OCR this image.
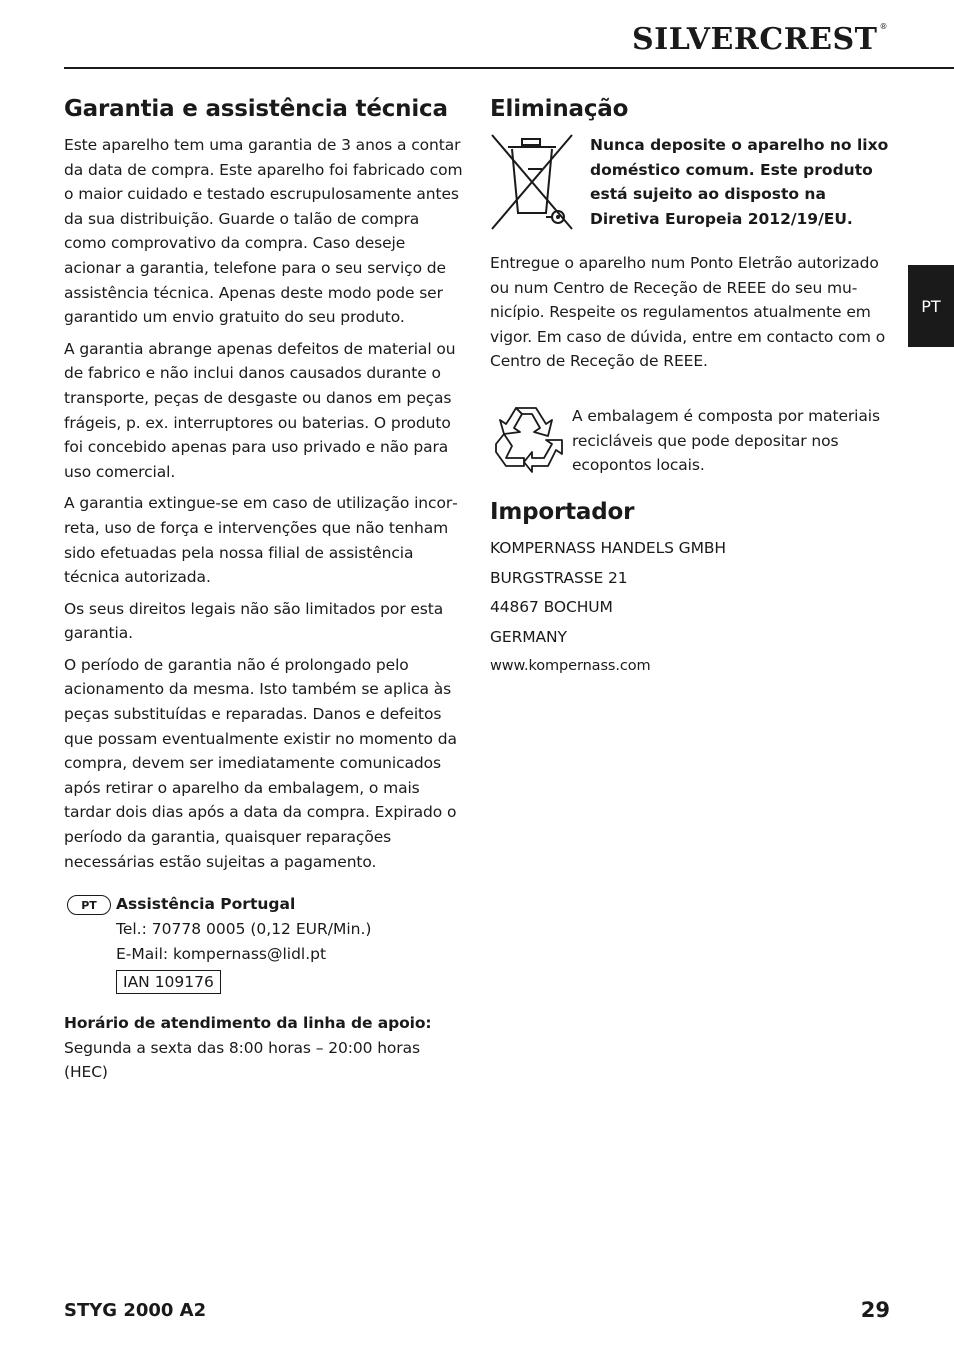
SILVERCREST ®
PT
Garantia e assistência técnica

Este aparelho tem uma garantia de 3 anos a contar da data de compra. Este aparelho foi fabricado com o maior cuidado e testado escrupulosamente antes da sua distribuição. Guarde o talão de compra como comprovativo da compra. Caso deseje acionar a garantia, telefone para o seu serviço de assistência técnica. Apenas deste modo pode ser garantido um envio gratuito do seu produto.

A garantia abrange apenas defeitos de material ou de fabrico e não inclui danos causados durante o transporte, peças de desgaste ou danos em peças frágeis, p. ex. interruptores ou baterias. O produto foi concebido apenas para uso privado e não para uso comercial.

A garantia extingue-se em caso de utilização incorreta, uso de força e intervenções que não tenham sido efetuadas pela nossa filial de assistência técnica autorizada.

Os seus direitos legais não são limitados por esta garantia.

O período de garantia não é prolongado pelo acionamento da mesma. Isto também se aplica às peças substituídas e reparadas. Danos e defeitos que possam eventualmente existir no momento da compra, devem ser imediatamente comunicados após retirar o aparelho da embalagem, o mais tardar dois dias após a data da compra. Expirado o período da garantia, quaisquer reparações necessárias estão sujeitas a pagamento.

PT	Assistência Portugal
Tel.: 70778 0005 (0,12 EUR/Min.)
E-Mail: kompernass@lidl.pt
IAN 109176

Horário de atendimento da linha de apoio:

Segunda a sexta das 8:00 horas – 20:00 horas (HEC)

Eliminação
Nunca deposite o aparelho no lixo doméstico comum. Este produto está sujeito ao disposto na Diretiva Europeia 2012/19/EU.

Entregue o aparelho num Ponto Eletrão autorizado ou num Centro de Receção de REEE do seu município. Respeite os regulamentos atualmente em vigor. Em caso de dúvida, entre em contacto com o Centro de Receção de REEE.

A embalagem é composta por materiais recicláveis que pode depositar nos ecopontos locais.

Importador

KOMPERNASS HANDELS GMBH

BURGSTRASSE 21

44867 BOCHUM

GERMANY

www.kompernass.com

STYG 2000 A2	29
